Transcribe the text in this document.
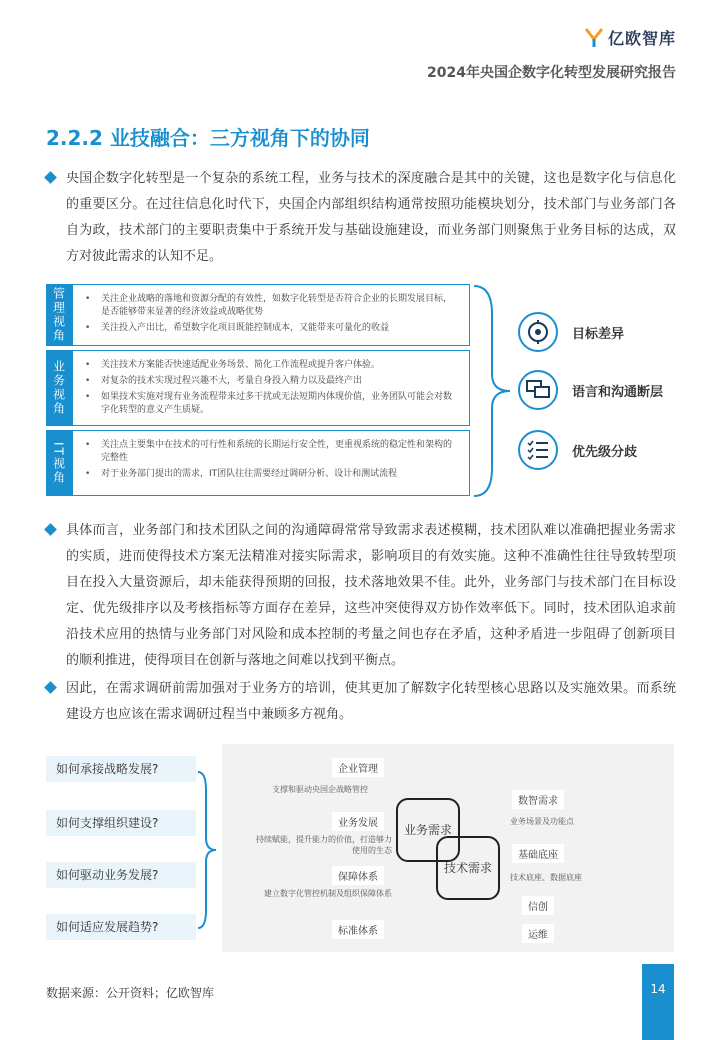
亿欧智库
2024年央国企数字化转型发展研究报告
2.2.2 业技融合：三方视角下的协同
央国企数字化转型是一个复杂的系统工程，业务与技术的深度融合是其中的关键，这也是数字化与信息化的重要区分。在过往信息化时代下，央国企内部组织结构通常按照功能模块划分，技术部门与业务部门各自为政，技术部门的主要职责集中于系统开发与基础设施建设，而业务部门则聚焦于业务目标的达成，双方对彼此需求的认知不足。
管理视角	• 关注企业战略的落地和资源分配的有效性，如数字化转型是否符合企业的长期发展目标，是否能够带来显著的经济效益或战略优势
• 关注投入产出比，希望数字化项目既能控制成本，又能带来可量化的收益
业务视角	• 关注技术方案能否快速适配业务场景、简化工作流程或提升客户体验。
• 对复杂的技术实现过程兴趣不大，考量自身投入精力以及最终产出
• 如果技术实施对现有业务流程带来过多干扰或无法短期内体现价值，业务团队可能会对数字化转型的意义产生质疑。
IT视角	• 关注点主要集中在技术的可行性和系统的长期运行安全性，更重视系统的稳定性和架构的完整性
• 对于业务部门提出的需求，IT团队往往需要经过调研分析、设计和测试流程
目标差异
语言和沟通断层
优先级分歧
具体而言，业务部门和技术团队之间的沟通障碍常常导致需求表述模糊，技术团队难以准确把握业务需求的实质，进而使得技术方案无法精准对接实际需求，影响项目的有效实施。这种不准确性往往导致转型项目在投入大量资源后，却未能获得预期的回报，技术落地效果不佳。此外，业务部门与技术部门在目标设定、优先级排序以及考核指标等方面存在差异，这些冲突使得双方协作效率低下。同时，技术团队追求前沿技术应用的热情与业务部门对风险和成本控制的考量之间也存在矛盾，这种矛盾进一步阻碍了创新项目的顺利推进，使得项目在创新与落地之间难以找到平衡点。
因此，在需求调研前需加强对于业务方的培训，使其更加了解数字化转型核心思路以及实施效果。而系统建设方也应该在需求调研过程当中兼顾多方视角。
如何承接战略发展?
如何支撑组织建设?
如何驱动业务发展?
如何适应发展趋势?
企业管理
支撑和驱动央国企战略管控
业务发展
持续赋能，提升能力的价值，打造够力使用的生态
保障体系
建立数字化管控机制及组织保障体系
标准体系
业务需求
技术需求
数智需求
业务场景及功能点
基础底座
技术底座、数据底座
信创
运维
数据来源：公开资料；亿欧智库	14
